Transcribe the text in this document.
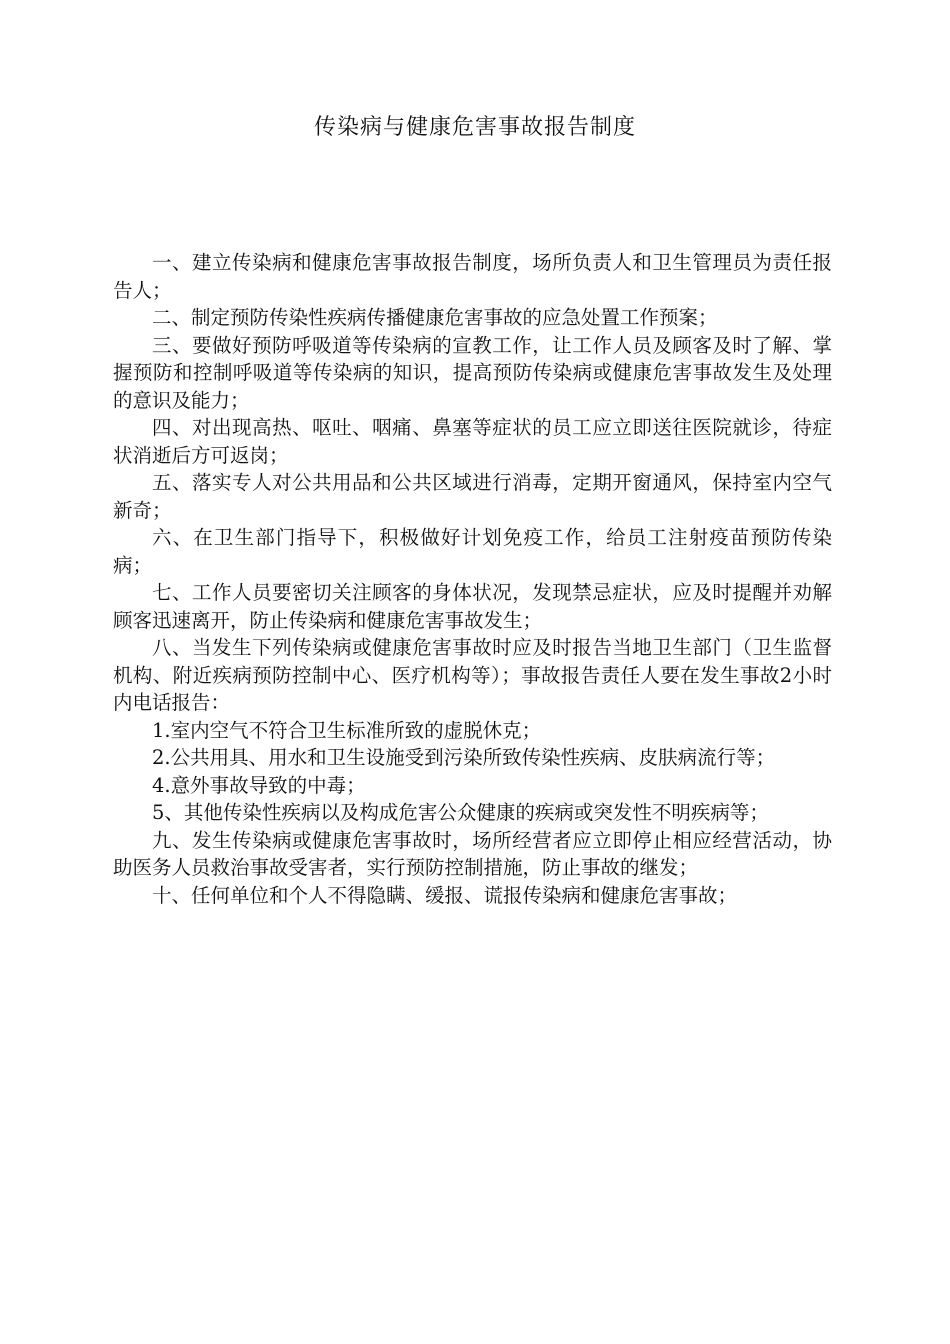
传染病与健康危害事故报告制度

一、建立传染病和健康危害事故报告制度，场所负责人和卫生管理员为责任报告人；

二、制定预防传染性疾病传播健康危害事故的应急处置工作预案；

三、要做好预防呼吸道等传染病的宣教工作，让工作人员及顾客及时了解、掌握预防和控制呼吸道等传染病的知识，提高预防传染病或健康危害事故发生及处理的意识及能力；

四、对出现高热、呕吐、咽痛、鼻塞等症状的员工应立即送往医院就诊，待症状消逝后方可返岗；

五、落实专人对公共用品和公共区域进行消毒，定期开窗通风，保持室内空气新奇；

六、在卫生部门指导下，积极做好计划免疫工作，给员工注射疫苗预防传染病；

七、工作人员要密切关注顾客的身体状况，发现禁忌症状，应及时提醒并劝解顾客迅速离开，防止传染病和健康危害事故发生；

八、当发生下列传染病或健康危害事故时应及时报告当地卫生部门（卫生监督机构、附近疾病预防控制中心、医疗机构等）；事故报告责任人要在发生事故2小时内电话报告：

1.室内空气不符合卫生标准所致的虚脱休克；

2.公共用具、用水和卫生设施受到污染所致传染性疾病、皮肤病流行等；

4.意外事故导致的中毒；

5、其他传染性疾病以及构成危害公众健康的疾病或突发性不明疾病等；

九、发生传染病或健康危害事故时，场所经营者应立即停止相应经营活动，协助医务人员救治事故受害者，实行预防控制措施，防止事故的继发；

十、任何单位和个人不得隐瞒、缓报、谎报传染病和健康危害事故；
